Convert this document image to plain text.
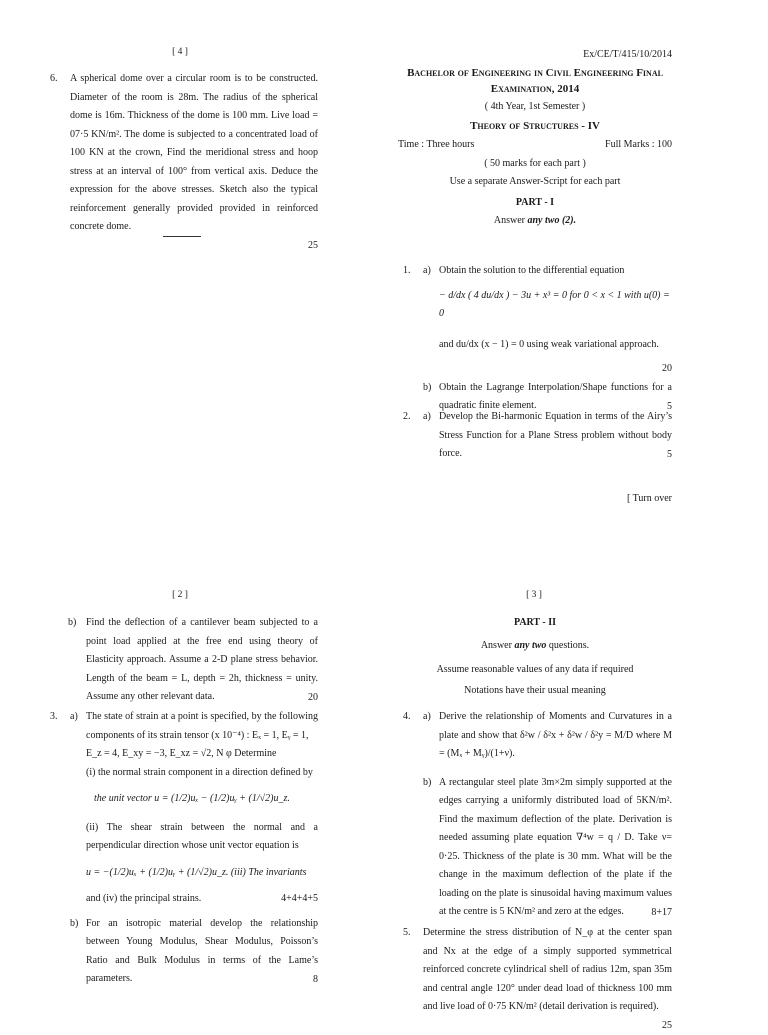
[ 4 ]
6.	A spherical dome over a circular room is to be constructed. Diameter of the room is 28m. The radius of the spherical dome is 16m. Thickness of the dome is 100 mm. Live load = 07·5 KN/m². The dome is subjected to a concentrated load of 100 KN at the crown, Find the meridional stress and hoop stress at an interval of 100° from vertical axis. Deduce the expression for the above stresses. Sketch also the typical reinforcement generally provided provided in reinforced concrete dome.
25
Ex/CE/T/415/10/2014
Bachelor of Engineering in Civil Engineering Final
Examination, 2014
( 4th Year, 1st Semester )
Theory of Structures - IV
Time : Three hours	Full Marks : 100
( 50 marks for each part )
Use a separate Answer-Script for each part
PART - I
Answer any two (2).
1.	a) Obtain the solution to the differential equation
− d/dx ( 4 du/dx ) − 3u + x³ = 0 for 0 < x < 1 with u(0) = 0
and du/dx (x − 1) = 0 using weak variational approach.
20
b) Obtain the Lagrange Interpolation/Shape functions for a quadratic finite element.	5
2.	a) Develop the Bi-harmonic Equation in terms of the Airy’s Stress Function for a Plane Stress problem without body force.	5
[ Turn over
[ 2 ]
b) Find the deflection of a cantilever beam subjected to a point load applied at the free end using theory of Elasticity approach. Assume a 2-D plane stress behavior. Length of the beam = L, depth = 2h, thickness = unity. Assume any other relevant data.	20
3.	a) The state of strain at a point is specified, by the following components of its strain tensor (x 10⁻⁴) : Eₓ = 1, Eᵧ = 1,
E_z = 4, E_xy = −3, E_xz = √2, N φ Determine
(i) the normal strain component in a direction defined by
the unit vector u = (1/2)uₓ − (1/2)uᵧ + (1/√2)u_z.
(ii) The shear strain between the normal and a perpendicular direction whose unit vector equation is
u = −(1/2)uₓ + (1/2)uᵧ + (1/√2)u_z. (iii) The invariants
and (iv) the principal strains.	4+4+4+5
b) For an isotropic material develop the relationship between Young Modulus, Shear Modulus, Poisson’s Ratio and Bulk Modulus in terms of the Lame’s parameters.	8
[ 3 ]
PART - II
Answer any two questions.
Assume reasonable values of any data if required
Notations have their usual meaning
4.	a) Derive the relationship of Moments and Curvatures in a plate and show that δ²w / δ²x + δ²w / δ²y = M/D where M = (Mₓ + Mᵧ)/(1+ν).
b) A rectangular steel plate 3m×2m simply supported at the edges carrying a uniformly distributed load of 5KN/m². Find the maximum deflection of the plate. Derivation is needed assuming plate equation ∇⁴w = q / D. Take ν= 0·25. Thickness of the plate is 30 mm. What will be the change in the maximum deflection of the plate if the loading on the plate is sinusoidal having maximum values at the centre is 5 KN/m² and zero at the edges.	8+17
5.	Determine the stress distribution of N_φ at the center span and Nx at the edge of a simply supported symmetrical reinforced concrete cylindrical shell of radius 12m, span 35m and central angle 120° under dead load of thickness 100 mm and live load of 0·75 KN/m² (detail derivation is required).
25
